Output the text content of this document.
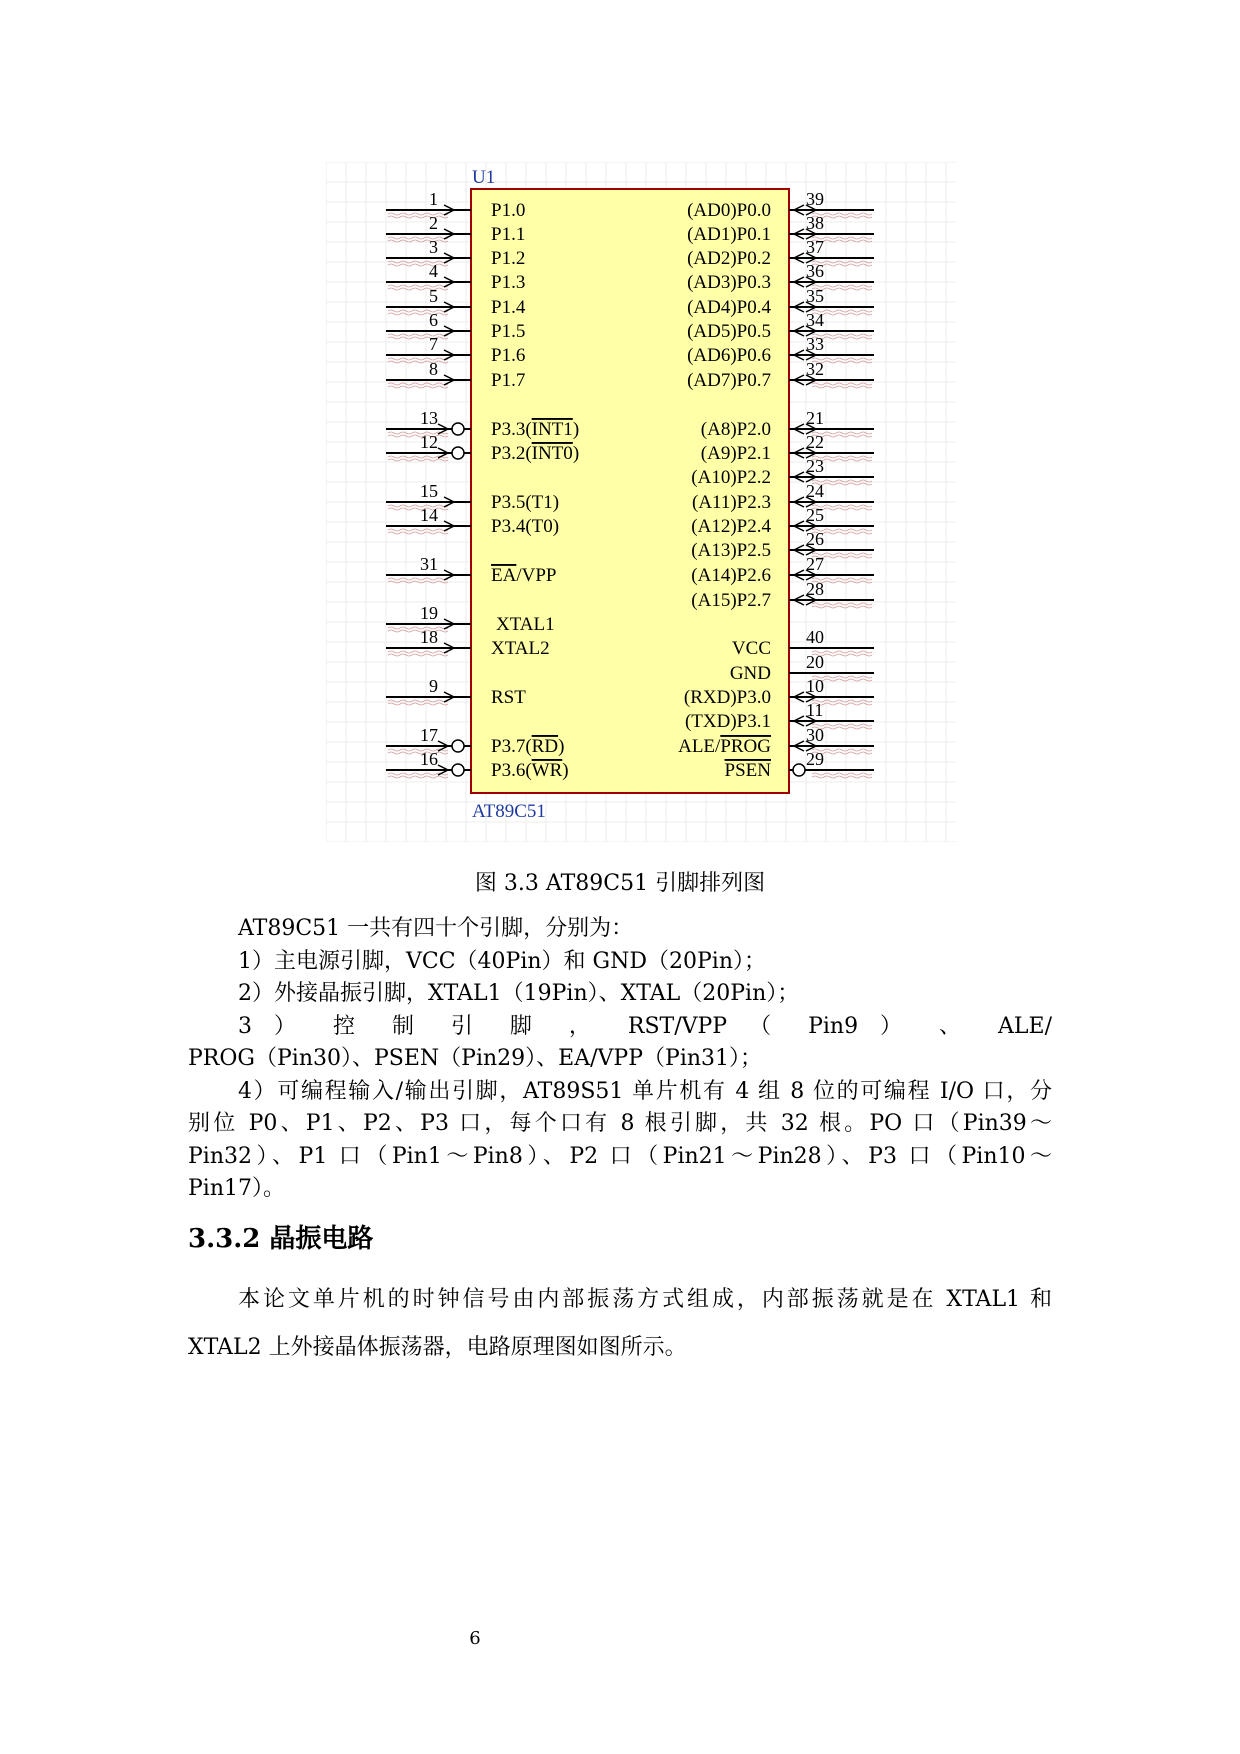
U1
AT89C51
1
P1.0
2
P1.1
3
P1.2
4
P1.3
5
P1.4
6
P1.5
7
P1.6
8
P1.7
13
P3.3(INT1)
12
P3.2(INT0)
15
P3.5(T1)
14
P3.4(T0)
31
EA/VPP
19
XTAL1
18
XTAL2
9
RST
17
P3.7(RD)
16
P3.6(WR)
39
(AD0)P0.0
38
(AD1)P0.1
37
(AD2)P0.2
36
(AD3)P0.3
35
(AD4)P0.4
34
(AD5)P0.5
33
(AD6)P0.6
32
(AD7)P0.7
21
(A8)P2.0
22
(A9)P2.1
23
(A10)P2.2
24
(A11)P2.3
25
(A12)P2.4
26
(A13)P2.5
27
(A14)P2.6
28
(A15)P2.7
40
VCC
20
GND
10
(RXD)P3.0
11
(TXD)P3.1
30
ALE/PROG
29
PSEN
图 3.3 AT89C51 引脚排列图
AT89C51 一共有四十个引脚，分别为：
1）主电源引脚，VCC（40Pin）和 GND（20Pin）；
2）外接晶振引脚，XTAL1（19Pin）、XTAL（20Pin）；
3 ） 控 制 引 脚 ， RST/VPP （ Pin9 ） 、 ALE/
PROG（Pin30）、PSEN（Pin29）、EA/VPP（Pin31）；
4）可编程输入/输出引脚，AT89S51 单片机有 4 组 8 位的可编程 I/O 口，分
别位 P0、P1、P2、P3 口，每个口有 8 根引脚，共 32 根。PO 口（Pin39～
Pin32）、P1 口（Pin1～Pin8）、P2 口（Pin21～Pin28）、P3 口（Pin10～
Pin17）。
3.3.2 晶振电路
本论文单片机的时钟信号由内部振荡方式组成，内部振荡就是在 XTAL1 和
XTAL2 上外接晶体振荡器，电路原理图如图所示。
6
